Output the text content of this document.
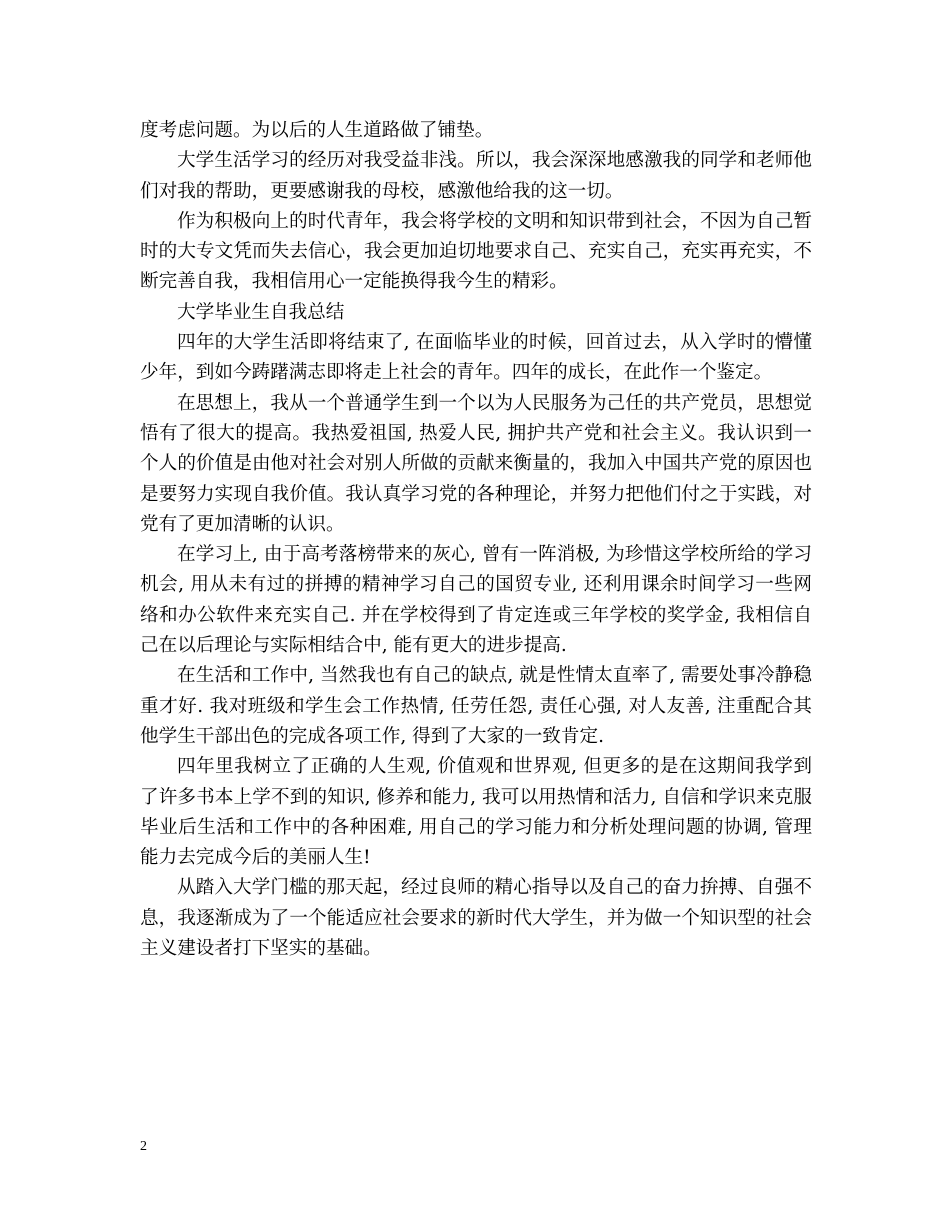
度考虑问题。为以后的人生道路做了铺垫。

大学生活学习的经历对我受益非浅。所以，我会深深地感激我的同学和老师他们对我的帮助，更要感谢我的母校，感激他给我的这一切。

作为积极向上的时代青年，我会将学校的文明和知识带到社会，不因为自己暂时的大专文凭而失去信心，我会更加迫切地要求自己、充实自己，充实再充实，不断完善自我，我相信用心一定能换得我今生的精彩。

大学毕业生自我总结

四年的大学生活即将结束了, 在面临毕业的时候，回首过去，从入学时的懵懂少年，到如今踌躇满志即将走上社会的青年。四年的成长，在此作一个鉴定。

在思想上，我从一个普通学生到一个以为人民服务为己任的共产党员，思想觉悟有了很大的提高。我热爱祖国, 热爱人民, 拥护共产党和社会主义。我认识到一个人的价值是由他对社会对别人所做的贡献来衡量的，我加入中国共产党的原因也是要努力实现自我价值。我认真学习党的各种理论，并努力把他们付之于实践，对党有了更加清晰的认识。

在学习上, 由于高考落榜带来的灰心, 曾有一阵消极, 为珍惜这学校所给的学习机会, 用从未有过的拼搏的精神学习自己的国贸专业, 还利用课余时间学习一些网络和办公软件来充实自己. 并在学校得到了肯定连或三年学校的奖学金, 我相信自己在以后理论与实际相结合中, 能有更大的进步提高.

在生活和工作中, 当然我也有自己的缺点, 就是性情太直率了, 需要处事冷静稳重才好. 我对班级和学生会工作热情, 任劳任怨, 责任心强, 对人友善, 注重配合其他学生干部出色的完成各项工作, 得到了大家的一致肯定.

四年里我树立了正确的人生观, 价值观和世界观, 但更多的是在这期间我学到了许多书本上学不到的知识, 修养和能力, 我可以用热情和活力, 自信和学识来克服毕业后生活和工作中的各种困难, 用自己的学习能力和分析处理问题的协调, 管理能力去完成今后的美丽人生!

从踏入大学门槛的那天起，经过良师的精心指导以及自己的奋力拚搏、自强不息，我逐渐成为了一个能适应社会要求的新时代大学生，并为做一个知识型的社会主义建设者打下坚实的基础。

2
